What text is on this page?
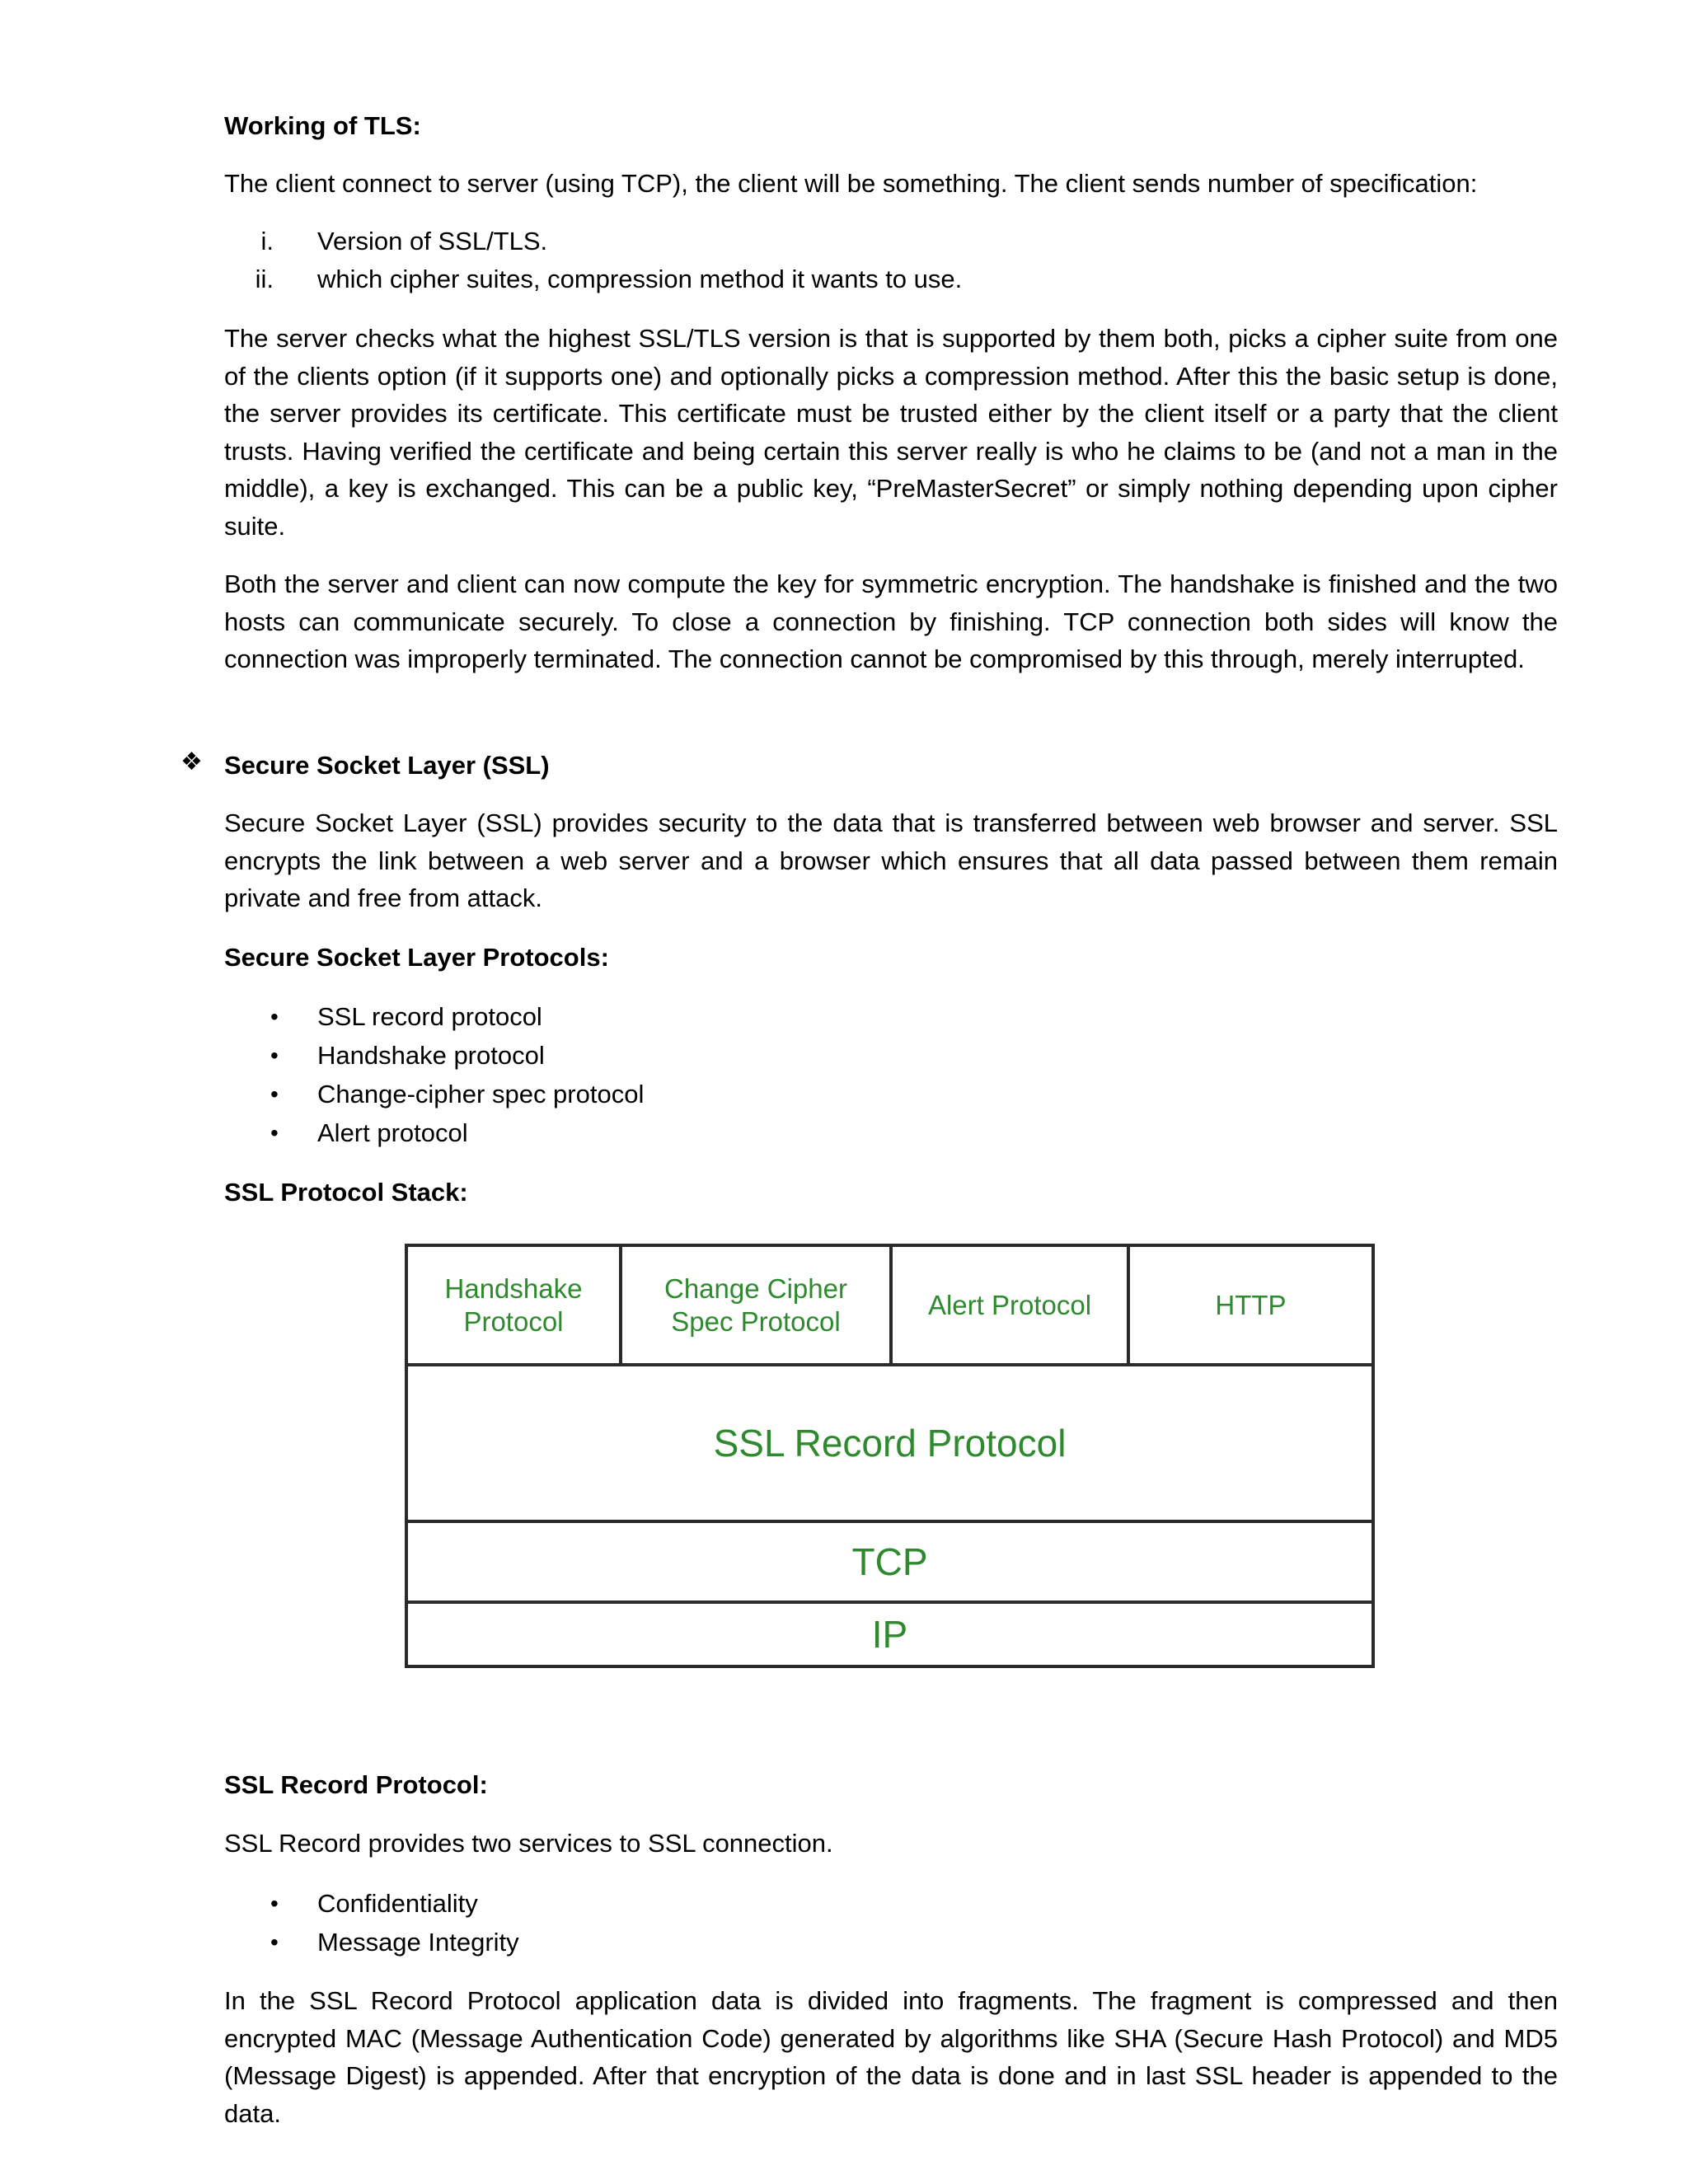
Working of TLS:

The client connect to server (using TCP), the client will be something. The client sends number of specification:

i. Version of SSL/TLS.
ii. which cipher suites, compression method it wants to use.

The server checks what the highest SSL/TLS version is that is supported by them both, picks a cipher suite from one of the clients option (if it supports one) and optionally picks a compression method. After this the basic setup is done, the server provides its certificate. This certificate must be trusted either by the client itself or a party that the client trusts. Having verified the certificate and being certain this server really is who he claims to be (and not a man in the middle), a key is exchanged. This can be a public key, “PreMasterSecret” or simply nothing depending upon cipher suite.

Both the server and client can now compute the key for symmetric encryption. The handshake is finished and the two hosts can communicate securely. To close a connection by finishing. TCP connection both sides will know the connection was improperly terminated. The connection cannot be compromised by this through, merely interrupted.

❖ Secure Socket Layer (SSL)

Secure Socket Layer (SSL) provides security to the data that is transferred between web browser and server. SSL encrypts the link between a web server and a browser which ensures that all data passed between them remain private and free from attack.

Secure Socket Layer Protocols:

• SSL record protocol
• Handshake protocol
• Change-cipher spec protocol
• Alert protocol

SSL Protocol Stack:

Handshake
Protocol
Change Cipher
Spec Protocol
Alert Protocol	HTTP
SSL Record Protocol
TCP
IP

SSL Record Protocol:

SSL Record provides two services to SSL connection.

• Confidentiality
• Message Integrity

In the SSL Record Protocol application data is divided into fragments. The fragment is compressed and then encrypted MAC (Message Authentication Code) generated by algorithms like SHA (Secure Hash Protocol) and MD5 (Message Digest) is appended. After that encryption of the data is done and in last SSL header is appended to the data.
